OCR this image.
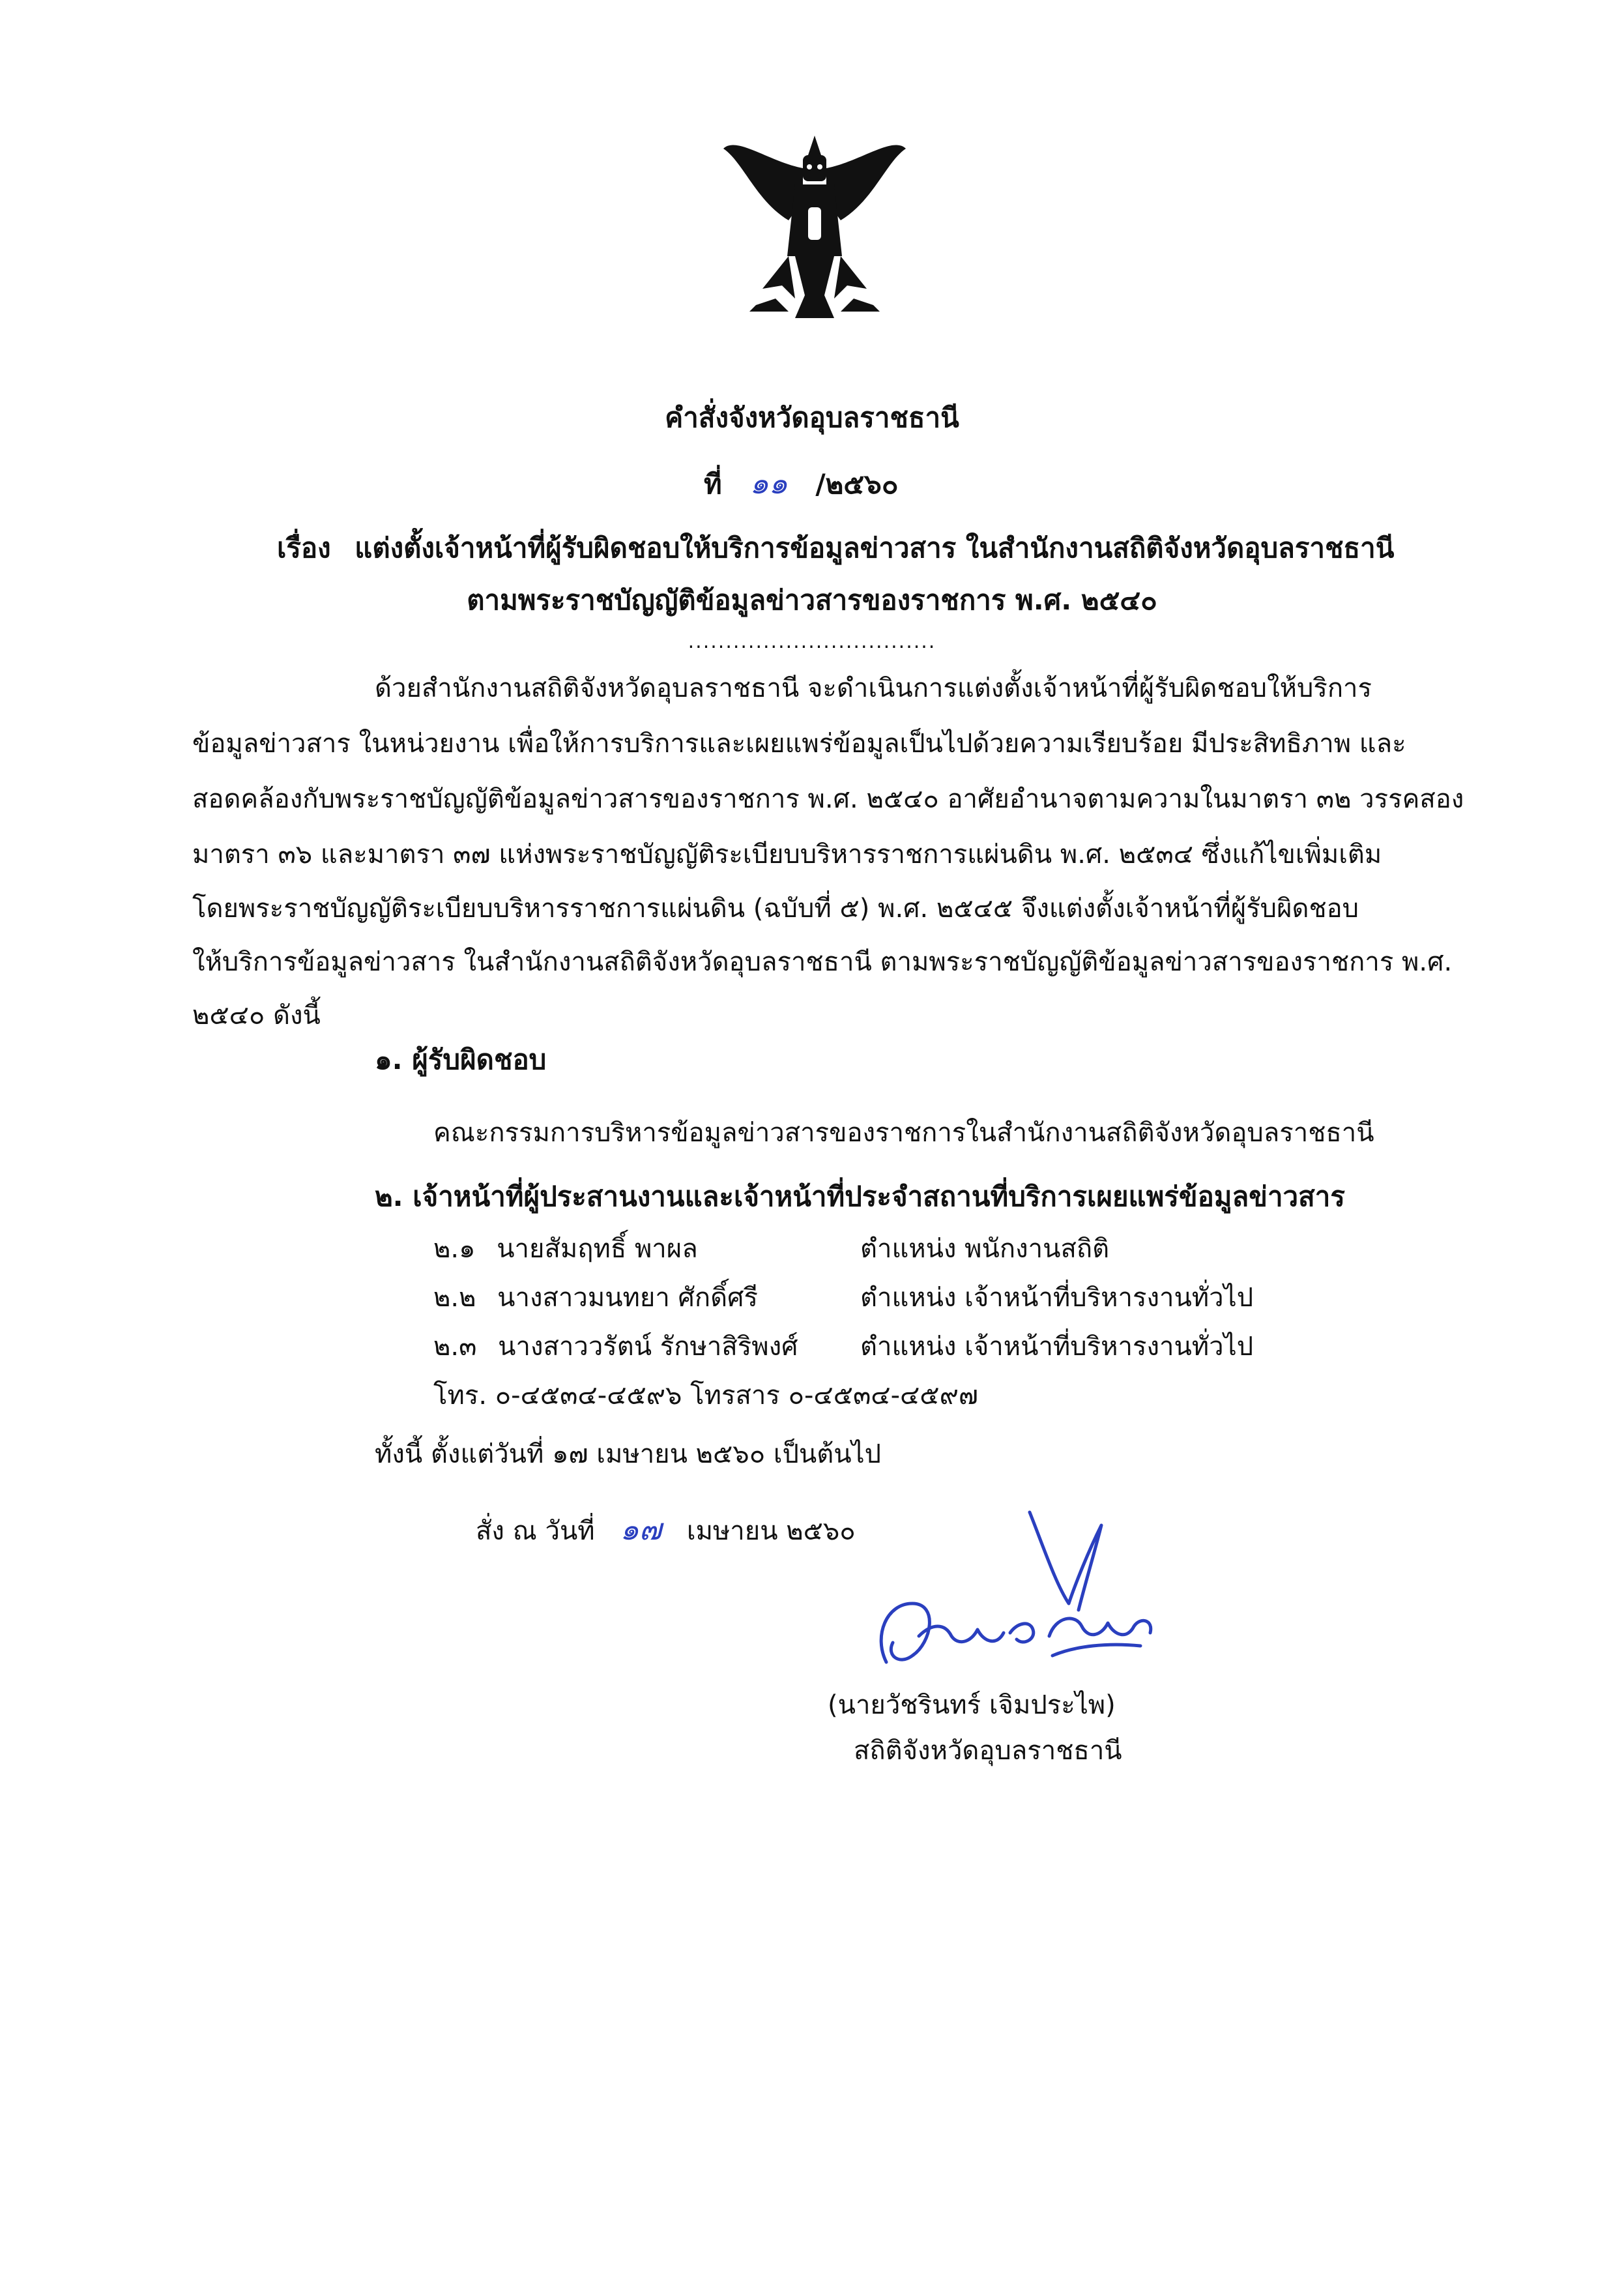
คำสั่งจังหวัดอุบลราชธานี
ที่ ๑๑ /๒๕๖๐
เรื่อง แต่งตั้งเจ้าหน้าที่ผู้รับผิดชอบให้บริการข้อมูลข่าวสาร ในสำนักงานสถิติจังหวัดอุบลราชธานี
ตามพระราชบัญญัติข้อมูลข่าวสารของราชการ พ.ศ. ๒๕๔๐
.................................
ด้วยสำนักงานสถิติจังหวัดอุบลราชธานี จะดำเนินการแต่งตั้งเจ้าหน้าที่ผู้รับผิดชอบให้บริการ
ข้อมูลข่าวสาร ในหน่วยงาน เพื่อให้การบริการและเผยแพร่ข้อมูลเป็นไปด้วยความเรียบร้อย มีประสิทธิภาพ และ
สอดคล้องกับพระราชบัญญัติข้อมูลข่าวสารของราชการ พ.ศ. ๒๕๔๐ อาศัยอำนาจตามความในมาตรา ๓๒ วรรคสอง
มาตรา ๓๖ และมาตรา ๓๗ แห่งพระราชบัญญัติระเบียบบริหารราชการแผ่นดิน พ.ศ. ๒๕๓๔ ซึ่งแก้ไขเพิ่มเติม
โดยพระราชบัญญัติระเบียบบริหารราชการแผ่นดิน (ฉบับที่ ๕) พ.ศ. ๒๕๔๕ จึงแต่งตั้งเจ้าหน้าที่ผู้รับผิดชอบ
ให้บริการข้อมูลข่าวสาร ในสำนักงานสถิติจังหวัดอุบลราชธานี ตามพระราชบัญญัติข้อมูลข่าวสารของราชการ พ.ศ.
๒๕๔๐ ดังนี้
๑. ผู้รับผิดชอบ
คณะกรรมการบริหารข้อมูลข่าวสารของราชการในสำนักงานสถิติจังหวัดอุบลราชธานี
๒. เจ้าหน้าที่ผู้ประสานงานและเจ้าหน้าที่ประจำสถานที่บริการเผยแพร่ข้อมูลข่าวสาร
๒.๑ นายสัมฤทธิ์ พาผล	ตำแหน่ง พนักงานสถิติ
๒.๒ นางสาวมนทยา ศักดิ์ศรี	ตำแหน่ง เจ้าหน้าที่บริหารงานทั่วไป
๒.๓ นางสาววรัตน์ รักษาสิริพงศ์ ตำแหน่ง เจ้าหน้าที่บริหารงานทั่วไป
โทร. ๐-๔๕๓๔-๔๕๙๖ โทรสาร ๐-๔๕๓๔-๔๕๙๗
ทั้งนี้ ตั้งแต่วันที่ ๑๗ เมษายน ๒๕๖๐ เป็นต้นไป
สั่ง ณ วันที่ ๑๗ เมษายน ๒๕๖๐
(นายวัชรินทร์ เจิมประไพ)
สถิติจังหวัดอุบลราชธานี
